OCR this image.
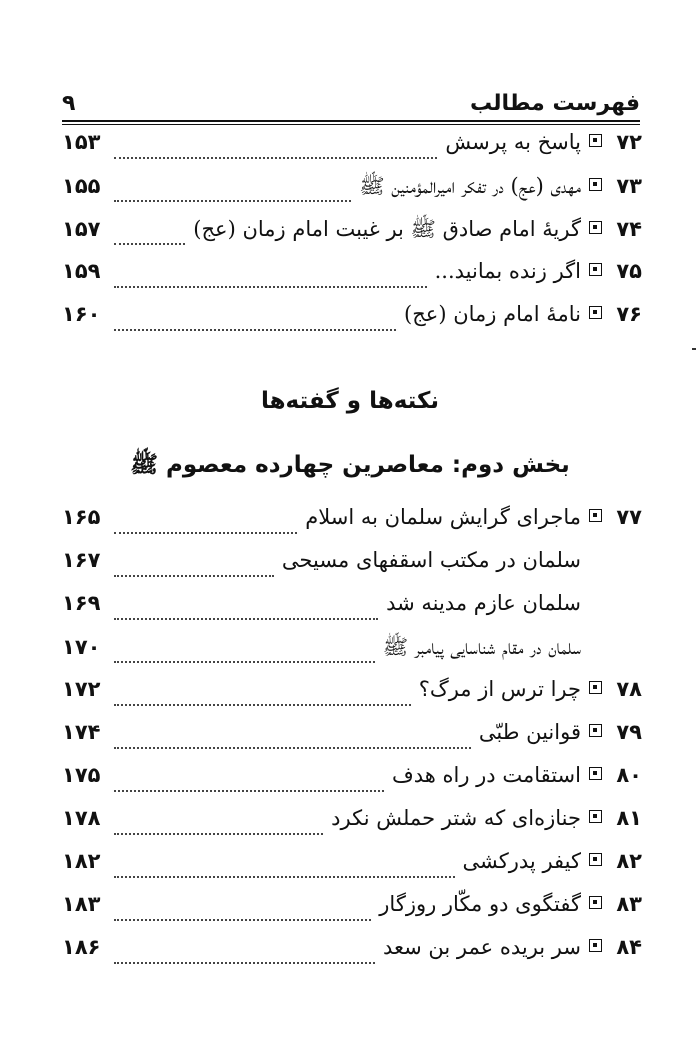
۹	فهرست مطالب
۷۲
پاسخ به پرسش
۱۵۳
۷۳
مهدی (عج) در تفکر امیرالمؤمنین ﷺ
۱۵۵
۷۴
گریهٔ امام صادق ﷺ بر غیبت امام زمان (عج)
۱۵۷
۷۵
اگر زنده بمانید...
۱۵۹
۷۶
نامهٔ امام زمان (عج)
۱۶۰
نکته‌ها و گفته‌ها
بخش دوم: معاصرین چهارده معصوم ﷺ
۷۷
ماجرای گرایش سلمان به اسلام
۱۶۵
سلمان در مکتب اسقفهای مسیحی
۱۶۷
سلمان عازم مدینه شد
۱۶۹
سلمان در مقام شناسایی پیامبر ﷺ
۱۷۰
۷۸
چرا ترس از مرگ؟
۱۷۲
۷۹
قوانین طبّی
۱۷۴
۸۰
استقامت در راه هدف
۱۷۵
۸۱
جنازه‌ای که شتر حملش نکرد
۱۷۸
۸۲
کیفر پدرکشی
۱۸۲
۸۳
گفتگوی دو مکّار روزگار
۱۸۳
۸۴
سر بریده عمر بن سعد
۱۸۶
